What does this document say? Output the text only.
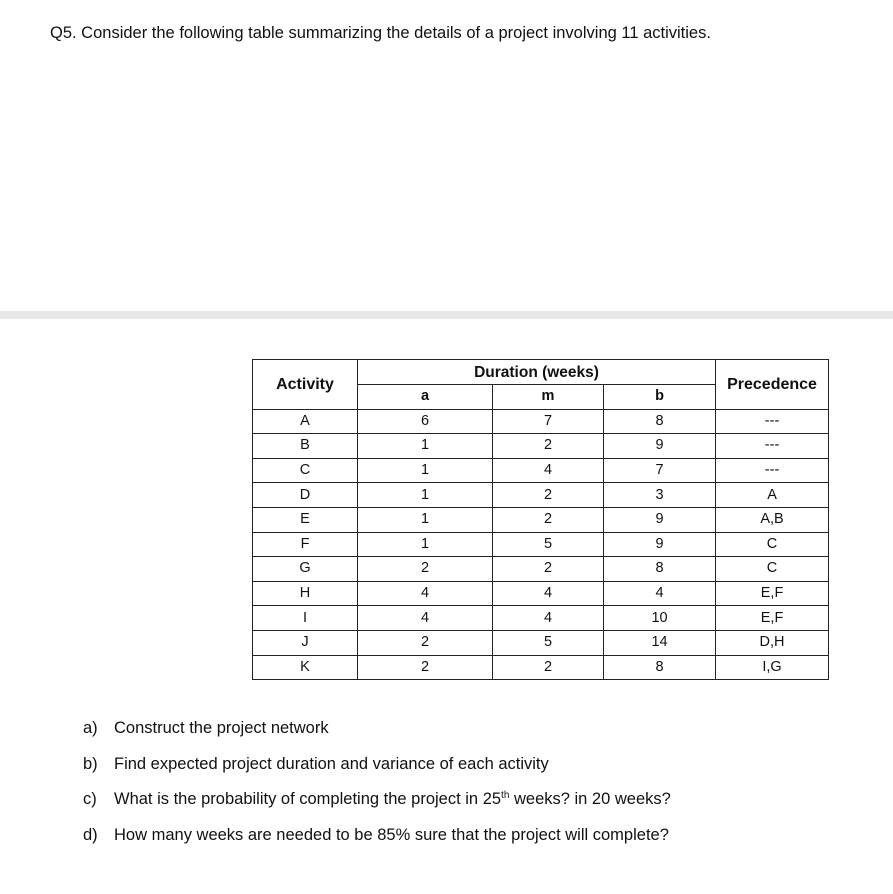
Q5. Consider the following table summarizing the details of a project involving 11 activities.
Activity	Duration (weeks)			Precedence
	a	m	b	
A	6	7	8	---
B	1	2	9	---
C	1	4	7	---
D	1	2	3	A
E	1	2	9	A,B
F	1	5	9	C
G	2	2	8	C
H	4	4	4	E,F
I	4	4	10	E,F
J	2	5	14	D,H
K	2	2	8	I,G
a) Construct the project network
b) Find expected project duration and variance of each activity
c) What is the probability of completing the project in 25th weeks? in 20 weeks?
d) How many weeks are needed to be 85% sure that the project will complete?
